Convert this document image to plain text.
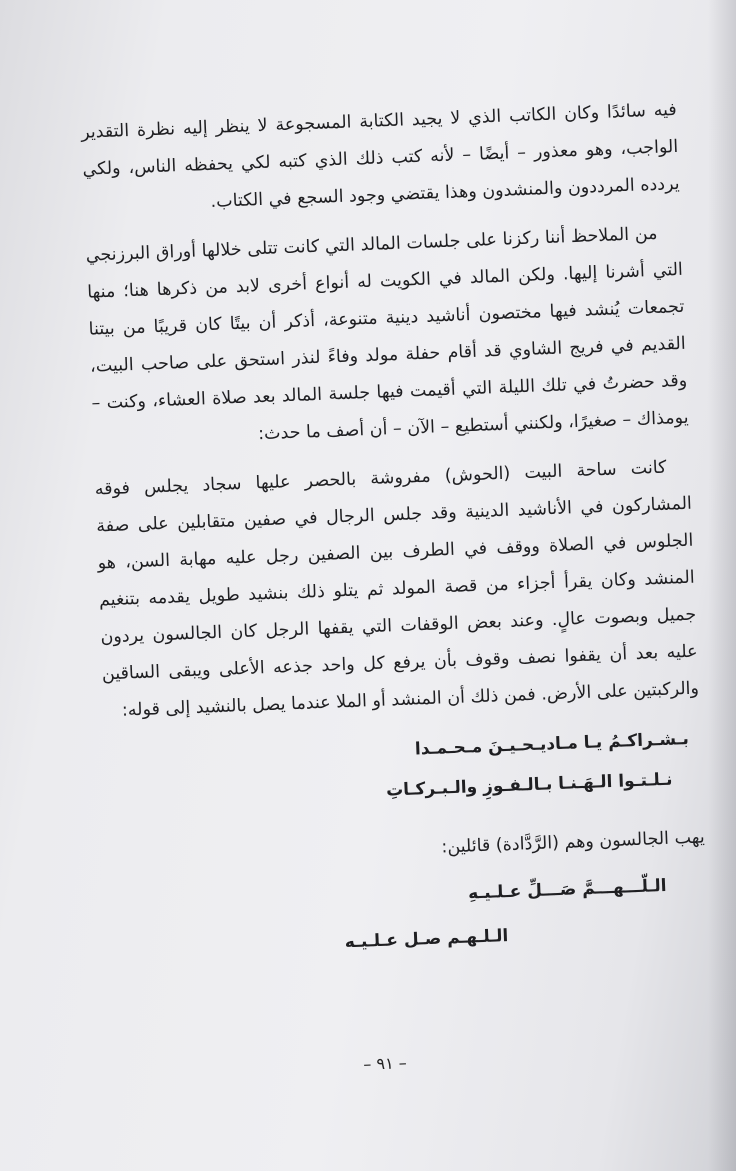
فيه سائدًا وكان الكاتب الذي لا يجيد الكتابة المسجوعة لا ينظر إليه نظرة التقدير الواجب، وهو معذور – أيضًا – لأنه كتب ذلك الذي كتبه لكي يحفظه الناس، ولكي يردده المرددون والمنشدون وهذا يقتضي وجود السجع في الكتاب.

من الملاحظ أننا ركزنا على جلسات المالد التي كانت تتلى خلالها أوراق البرزنجي التي أشرنا إليها. ولكن المالد في الكويت له أنواع أخرى لابد من ذكرها هنا؛ منها تجمعات يُنشد فيها مختصون أناشيد دينية متنوعة، أذكر أن بيتًا كان قريبًا من بيتنا القديم في فريج الشاوي قد أقام حفلة مولد وفاءً لنذر استحق على صاحب البيت، وقد حضرتُ في تلك الليلة التي أقيمت فيها جلسة المالد بعد صلاة العشاء، وكنت – يومذاك – صغيرًا، ولكنني أستطيع – الآن – أن أصف ما حدث:

كانت ساحة البيت (الحوش) مفروشة بالحصر عليها سجاد يجلس فوقه المشاركون في الأناشيد الدينية وقد جلس الرجال في صفين متقابلين على صفة الجلوس في الصلاة ووقف في الطرف بين الصفين رجل عليه مهابة السن، هو المنشد وكان يقرأ أجزاء من قصة المولد ثم يتلو ذلك بنشيد طويل يقدمه بتنغيم جميل وبصوت عالٍ. وعند بعض الوقفات التي يقفها الرجل كان الجالسون يردون عليه بعد أن يقفوا نصف وقوف بأن يرفع كل واحد جذعه الأعلى ويبقى الساقين والركبتين على الأرض. فمن ذلك أن المنشد أو الملا عندما يصل بالنشيد إلى قوله:

بـشـراكـمُ يـا مـاديـحـيـنَ مـحـمـدا
نـلـتـوا الـهَـنـا بـالـفـوزِ والـبـركـاتِ
يهب الجالسون وهم (الرَّدَّادة) قائلين:
الـلّـــهـــمَّ صَـــلِّ عـلـيـهِ
الـلـهـم صـل عـلـيـه
– ٩١ –
